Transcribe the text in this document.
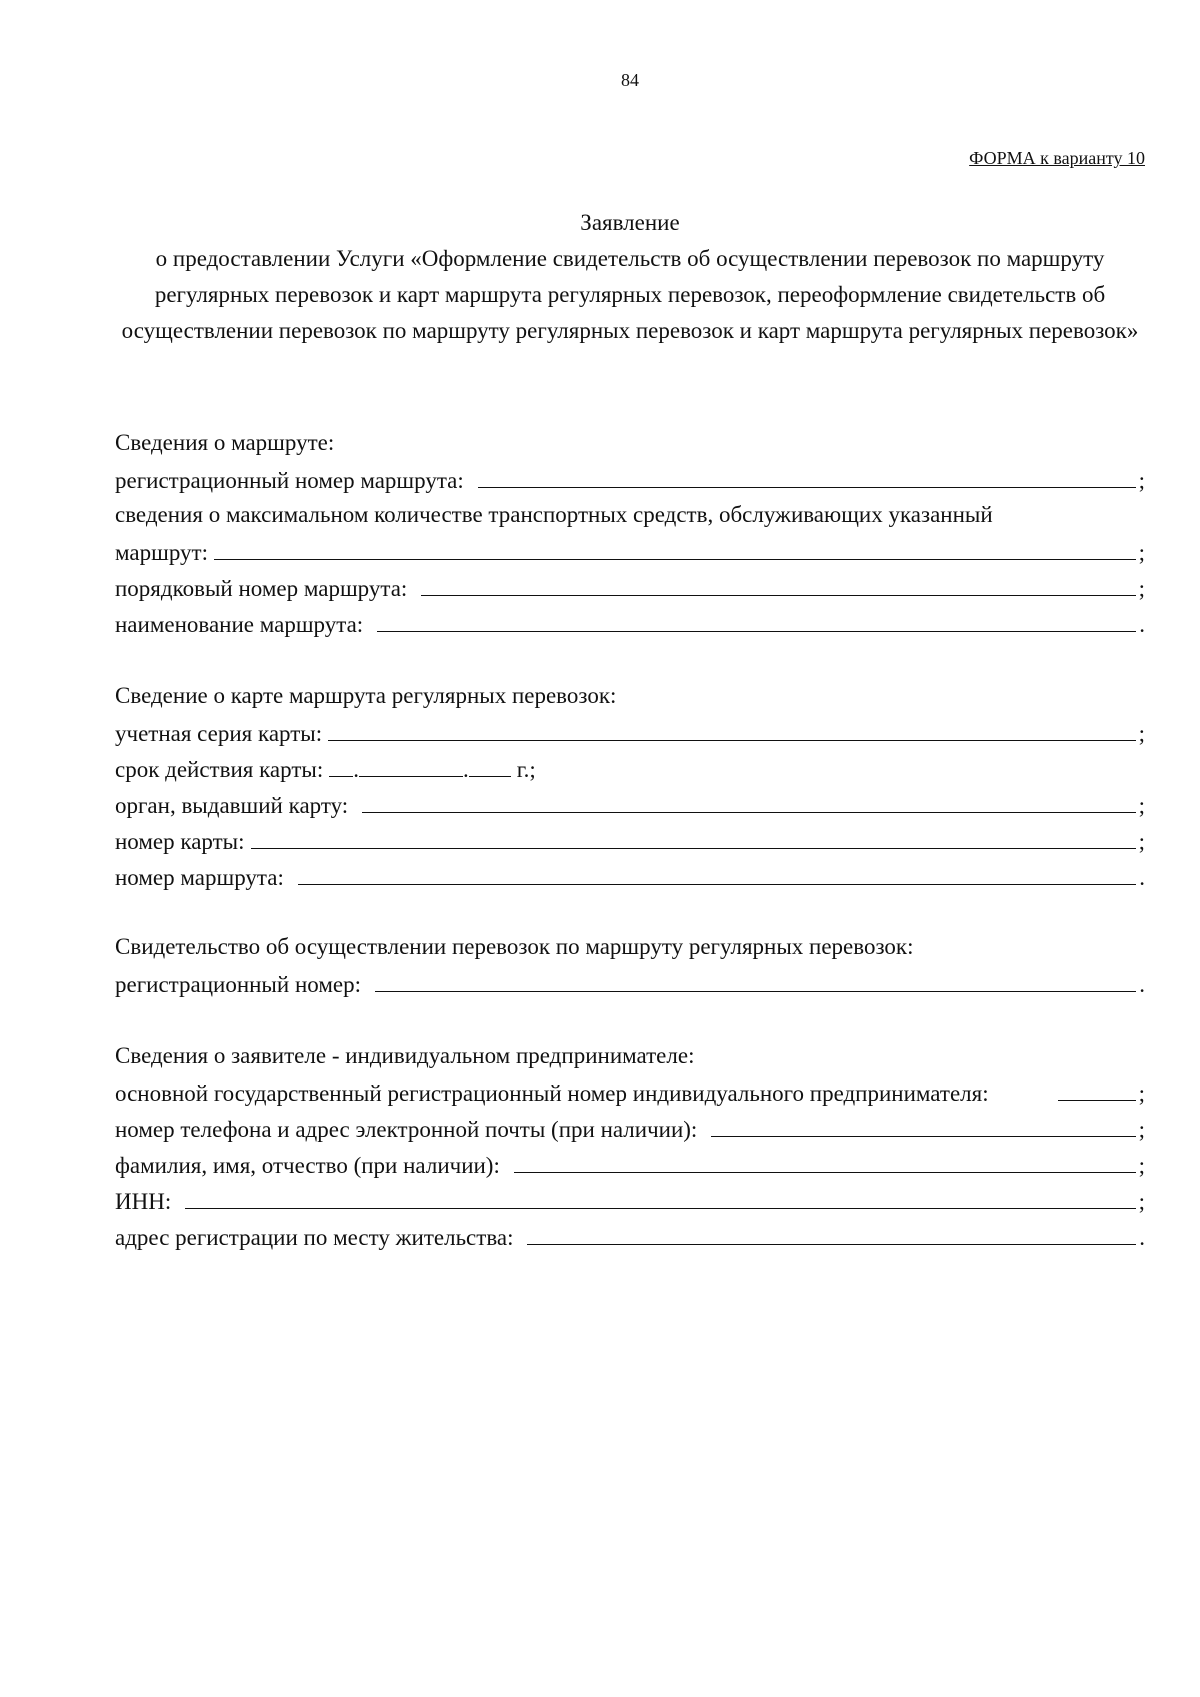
84
ФОРМА к варианту 10
Заявление
о предоставлении Услуги «Оформление свидетельств об осуществлении перевозок по маршруту регулярных перевозок и карт маршрута регулярных перевозок, переоформление свидетельств об осуществлении перевозок по маршруту регулярных перевозок и карт маршрута регулярных перевозок»
Сведения о маршруте:
регистрационный номер маршрута:	;
сведения о максимальном количестве транспортных средств, обслуживающих указанный
маршрут:	;
порядковый номер маршрута:	;
наименование маршрута:	.
Сведение о карте маршрута регулярных перевозок:
учетная серия карты:	;
срок действия карты: .	. г.;
орган, выдавший карту:	;
номер карты:	;
номер маршрута:	.
Свидетельство об осуществлении перевозок по маршруту регулярных перевозок:
регистрационный номер:	.
Сведения о заявителе - индивидуальном предпринимателе:
основной государственный регистрационный номер индивидуального предпринимателя:	;
номер телефона и адрес электронной почты (при наличии):	;
фамилия, имя, отчество (при наличии):	;
ИНН:	;
адрес регистрации по месту жительства:	.
